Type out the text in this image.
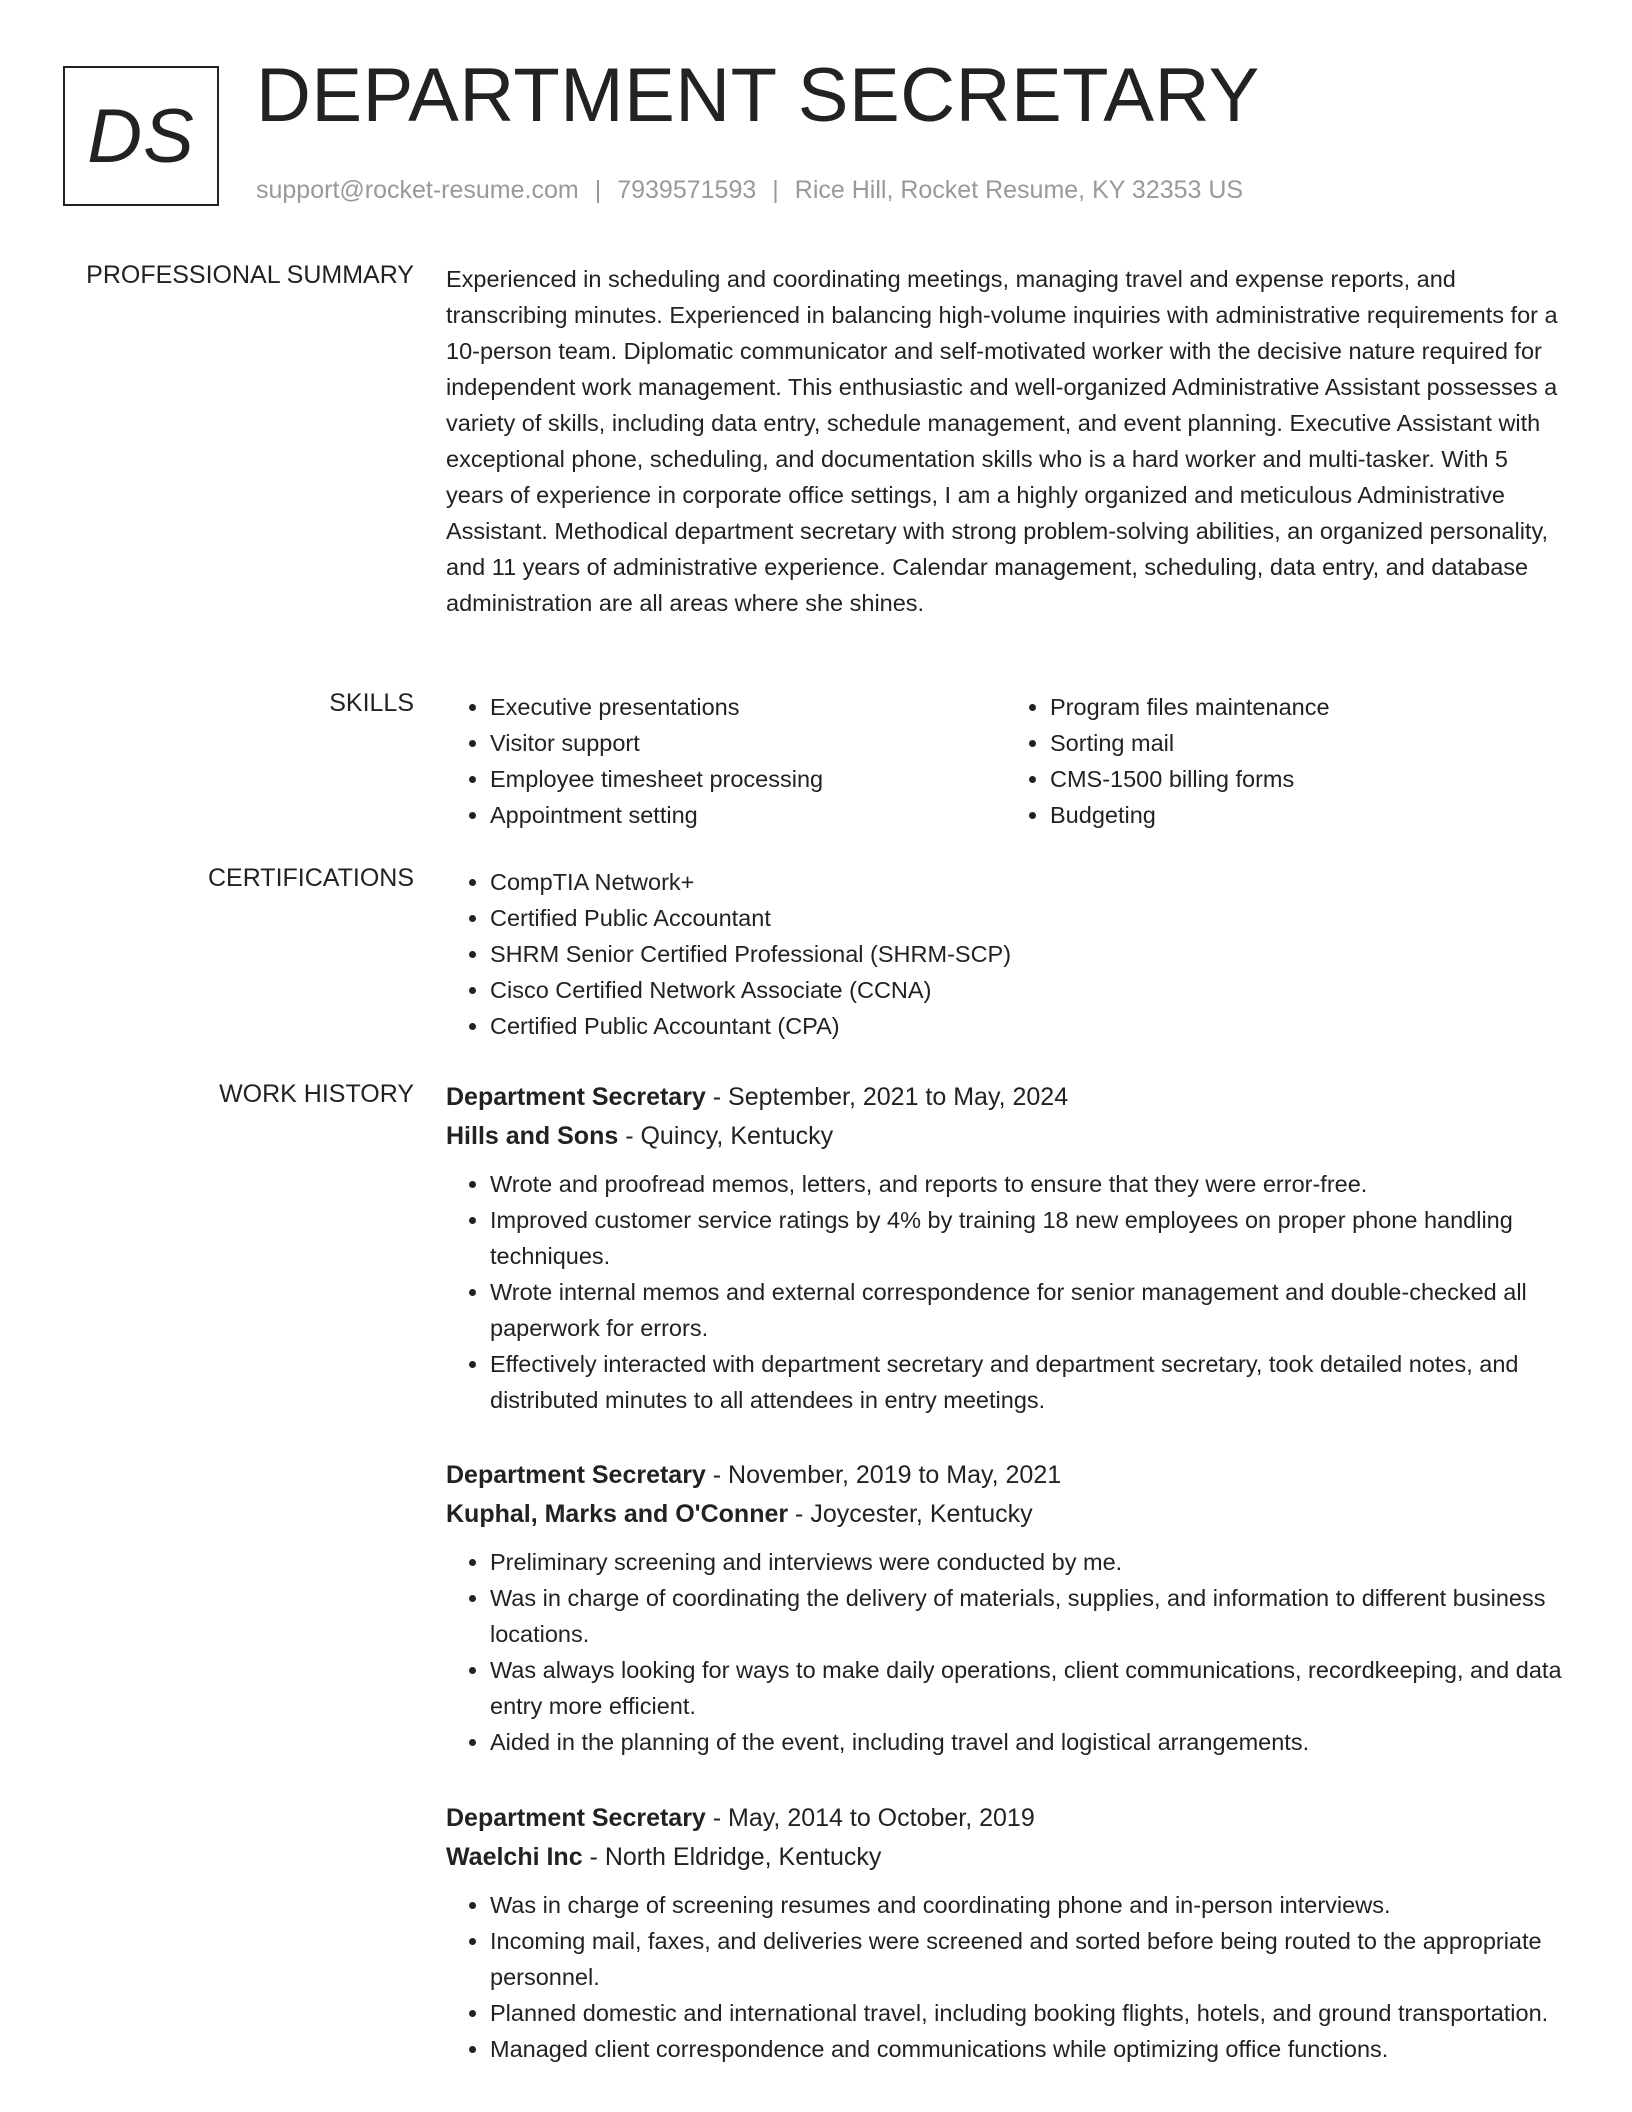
DS DEPARTMENT SECRETARY
support@rocket-resume.com | 7939571593 | Rice Hill, Rocket Resume, KY 32353 US
PROFESSIONAL SUMMARY Experienced in scheduling and coordinating meetings, managing travel and expense reports, and transcribing minutes. Experienced in balancing high-volume inquiries with administrative requirements for a 10-person team. Diplomatic communicator and self-motivated worker with the decisive nature required for independent work management. This enthusiastic and well-organized Administrative Assistant possesses a variety of skills, including data entry, schedule management, and event planning. Executive Assistant with exceptional phone, scheduling, and documentation skills who is a hard worker and multi-tasker. With 5 years of experience in corporate office settings, I am a highly organized and meticulous Administrative Assistant. Methodical department secretary with strong problem-solving abilities, an organized personality, and 11 years of administrative experience. Calendar management, scheduling, data entry, and database administration are all areas where she shines.
SKILLS	• Executive presentations
• Visitor support
• Employee timesheet processing
• Appointment setting
• Program files maintenance
• Sorting mail
• CMS-1500 billing forms
• Budgeting
CERTIFICATIONS	• CompTIA Network+
• Certified Public Accountant
• SHRM Senior Certified Professional (SHRM-SCP)
• Cisco Certified Network Associate (CCNA)
• Certified Public Accountant (CPA)
WORK HISTORY Department Secretary - September, 2021 to May, 2024
Hills and Sons - Quincy, Kentucky
• Wrote and proofread memos, letters, and reports to ensure that they were error-free.
• Improved customer service ratings by 4% by training 18 new employees on proper phone handling techniques.
• Wrote internal memos and external correspondence for senior management and double-checked all paperwork for errors.
• Effectively interacted with department secretary and department secretary, took detailed notes, and distributed minutes to all attendees in entry meetings.
Department Secretary - November, 2019 to May, 2021
Kuphal, Marks and O'Conner - Joycester, Kentucky
• Preliminary screening and interviews were conducted by me.
• Was in charge of coordinating the delivery of materials, supplies, and information to different business locations.
• Was always looking for ways to make daily operations, client communications, recordkeeping, and data entry more efficient.
• Aided in the planning of the event, including travel and logistical arrangements.
Department Secretary - May, 2014 to October, 2019
Waelchi Inc - North Eldridge, Kentucky
• Was in charge of screening resumes and coordinating phone and in-person interviews.
• Incoming mail, faxes, and deliveries were screened and sorted before being routed to the appropriate personnel.
• Planned domestic and international travel, including booking flights, hotels, and ground transportation.
• Managed client correspondence and communications while optimizing office functions.
